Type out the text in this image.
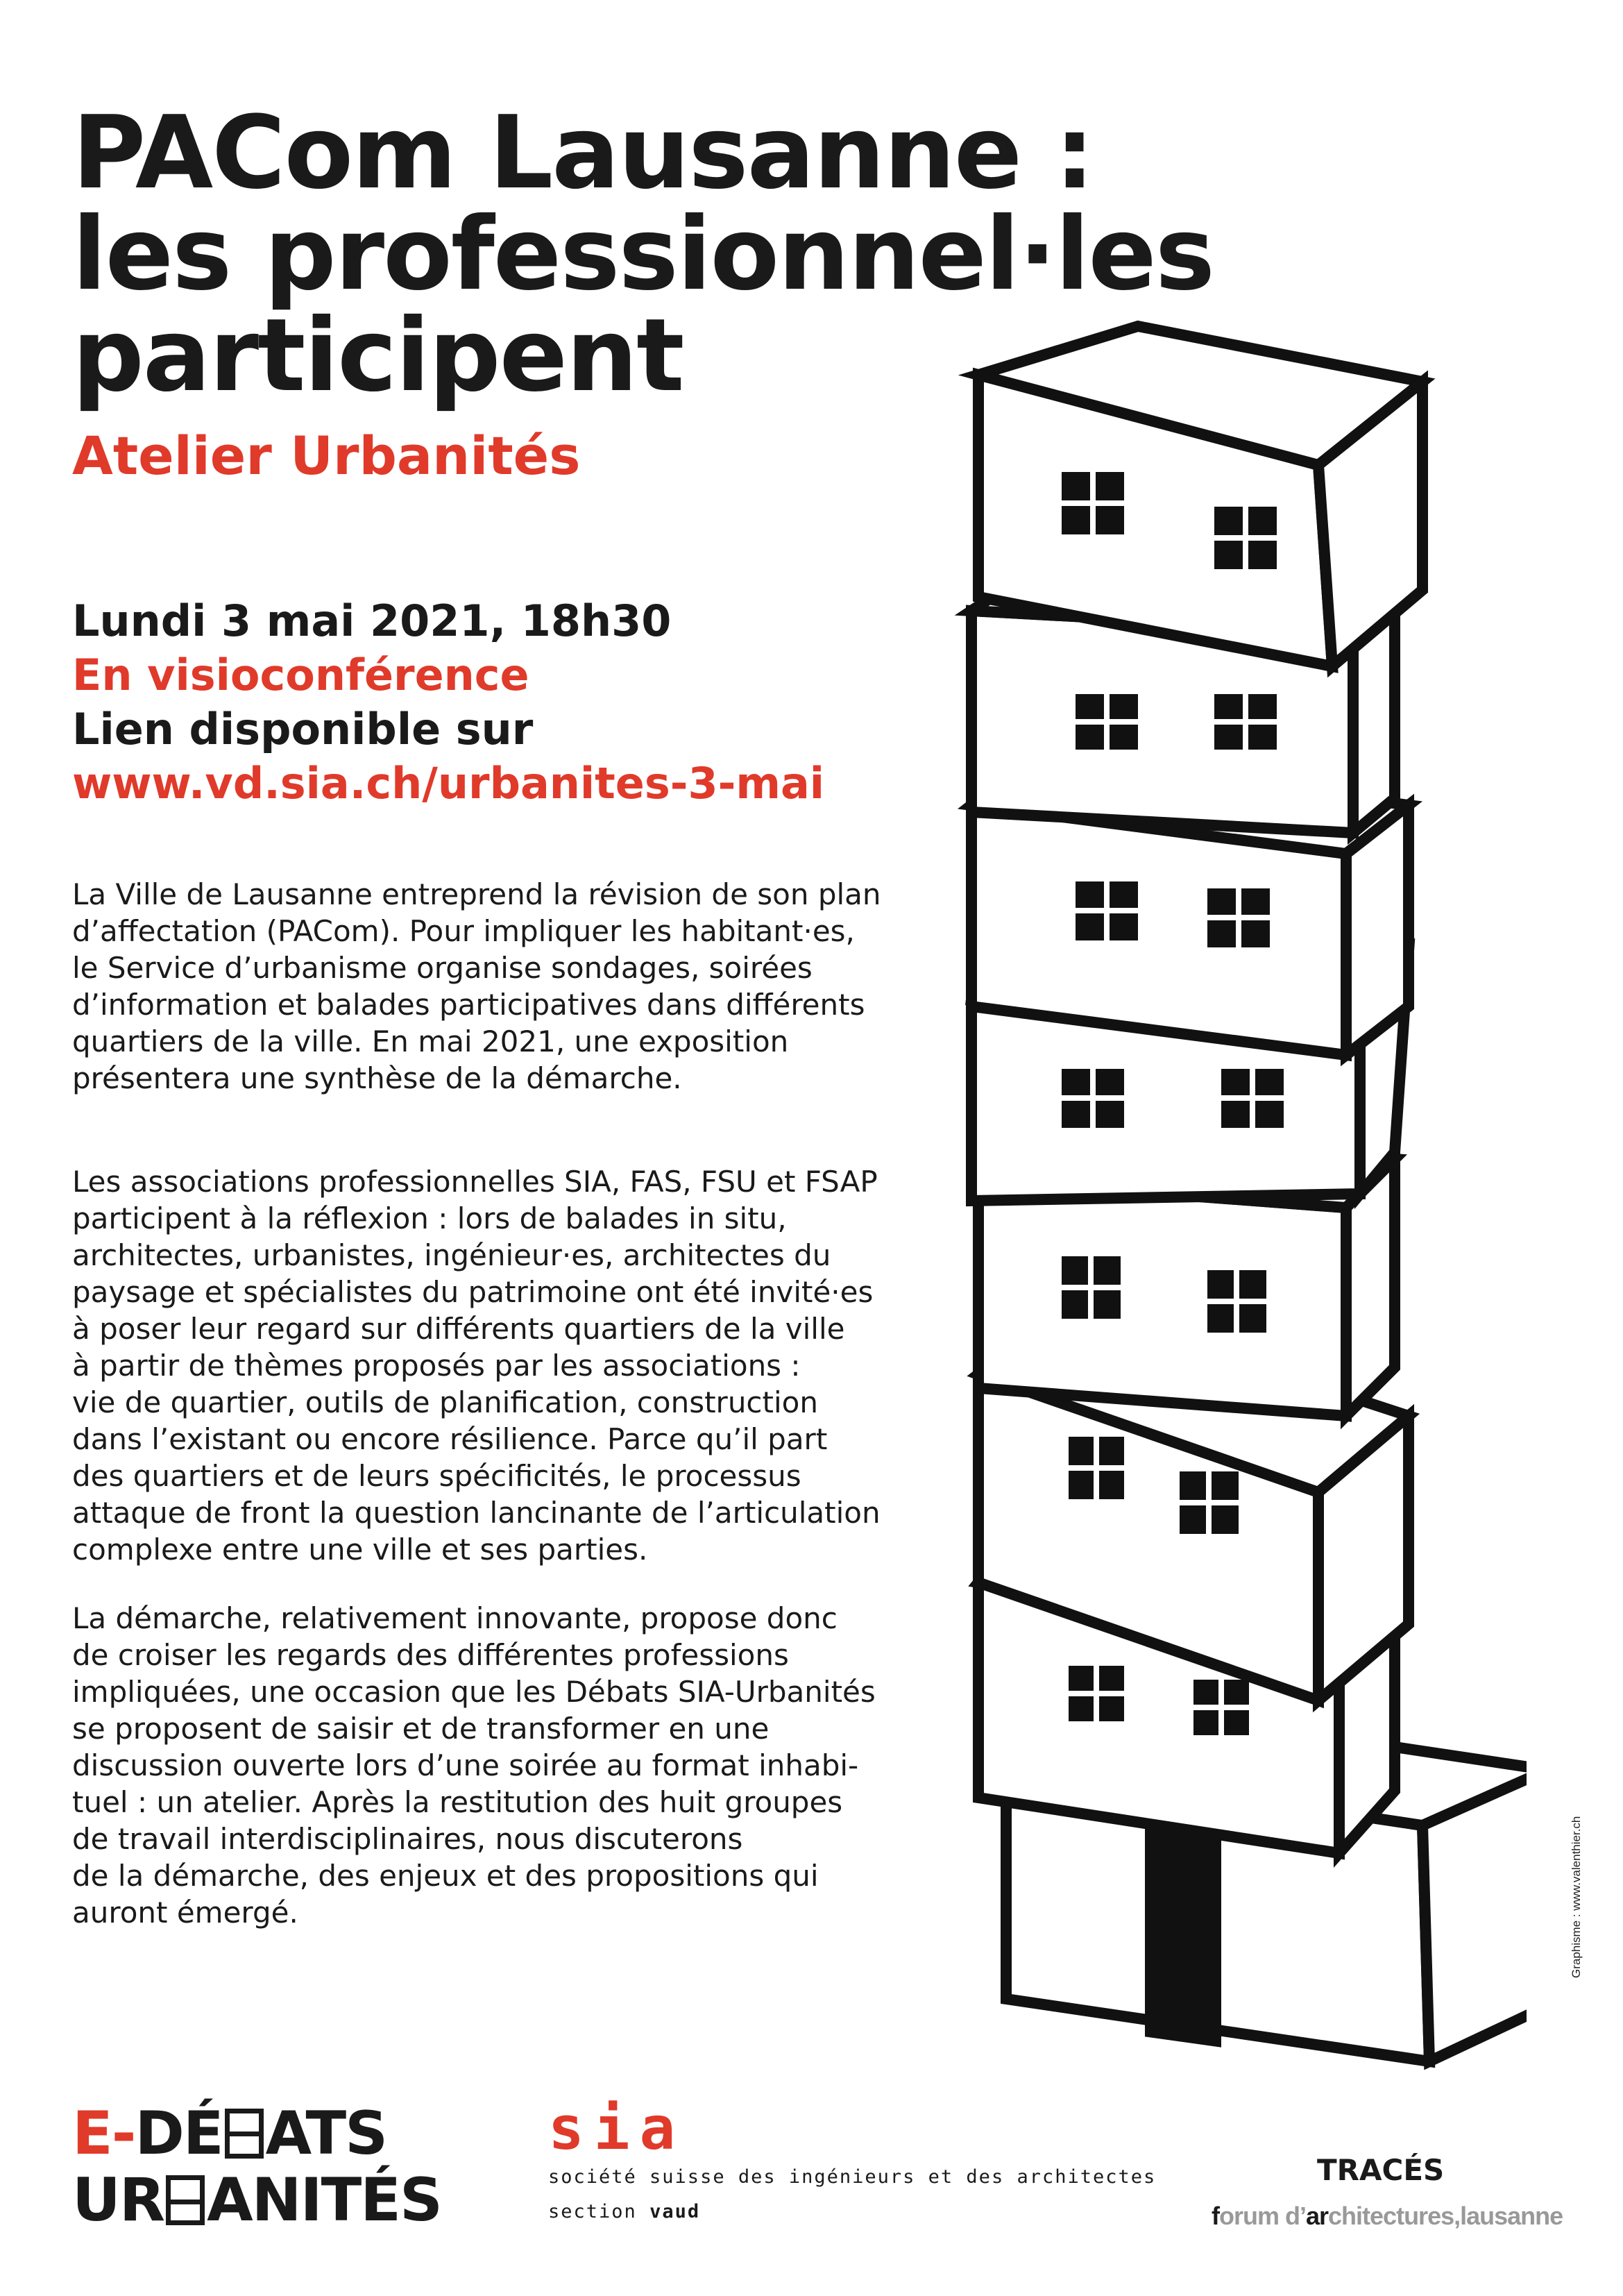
PACom Lausanne :
les professionnel·les
participent
Atelier Urbanités
Lundi 3 mai 2021, 18h30
En visioconférence
Lien disponible sur
www.vd.sia.ch/urbanites-3-mai
La Ville de Lausanne entreprend la révision de son plan
d’affectation (PACom). Pour impliquer les habitant·es,
le Service d’urbanisme organise sondages, soirées
d’information et balades participatives dans différents
quartiers de la ville. En mai 2021, une exposition
présentera une synthèse de la démarche.
Les associations professionnelles SIA, FAS, FSU et FSAP
participent à la réflexion : lors de balades in situ,
architectes, urbanistes, ingénieur·es, architectes du
paysage et spécialistes du patrimoine ont été invité·es
à poser leur regard sur différents quartiers de la ville
à partir de thèmes proposés par les associations :
vie de quartier, outils de planification, construction
dans l’existant ou encore résilience. Parce qu’il part
des quartiers et de leurs spécificités, le processus
attaque de front la question lancinante de l’articulation
complexe entre une ville et ses parties.
La démarche, relativement innovante, propose donc
de croiser les regards des différentes professions
impliquées, une occasion que les Débats SIA-Urbanités
se proposent de saisir et de transformer en une
discussion ouverte lors d’une soirée au format inhabi-
tuel : un atelier. Après la restitution des huit groupes
de travail interdisciplinaires, nous discuterons
de la démarche, des enjeux et des propositions qui
auront émergé.	Graphisme : www.valenthier.ch
E- DÉ ATS
UR ANITÉS
sia
société suisse des ingénieurs et des architectes
section vaud
TRACÉS
forum d’architectures,lausanne
